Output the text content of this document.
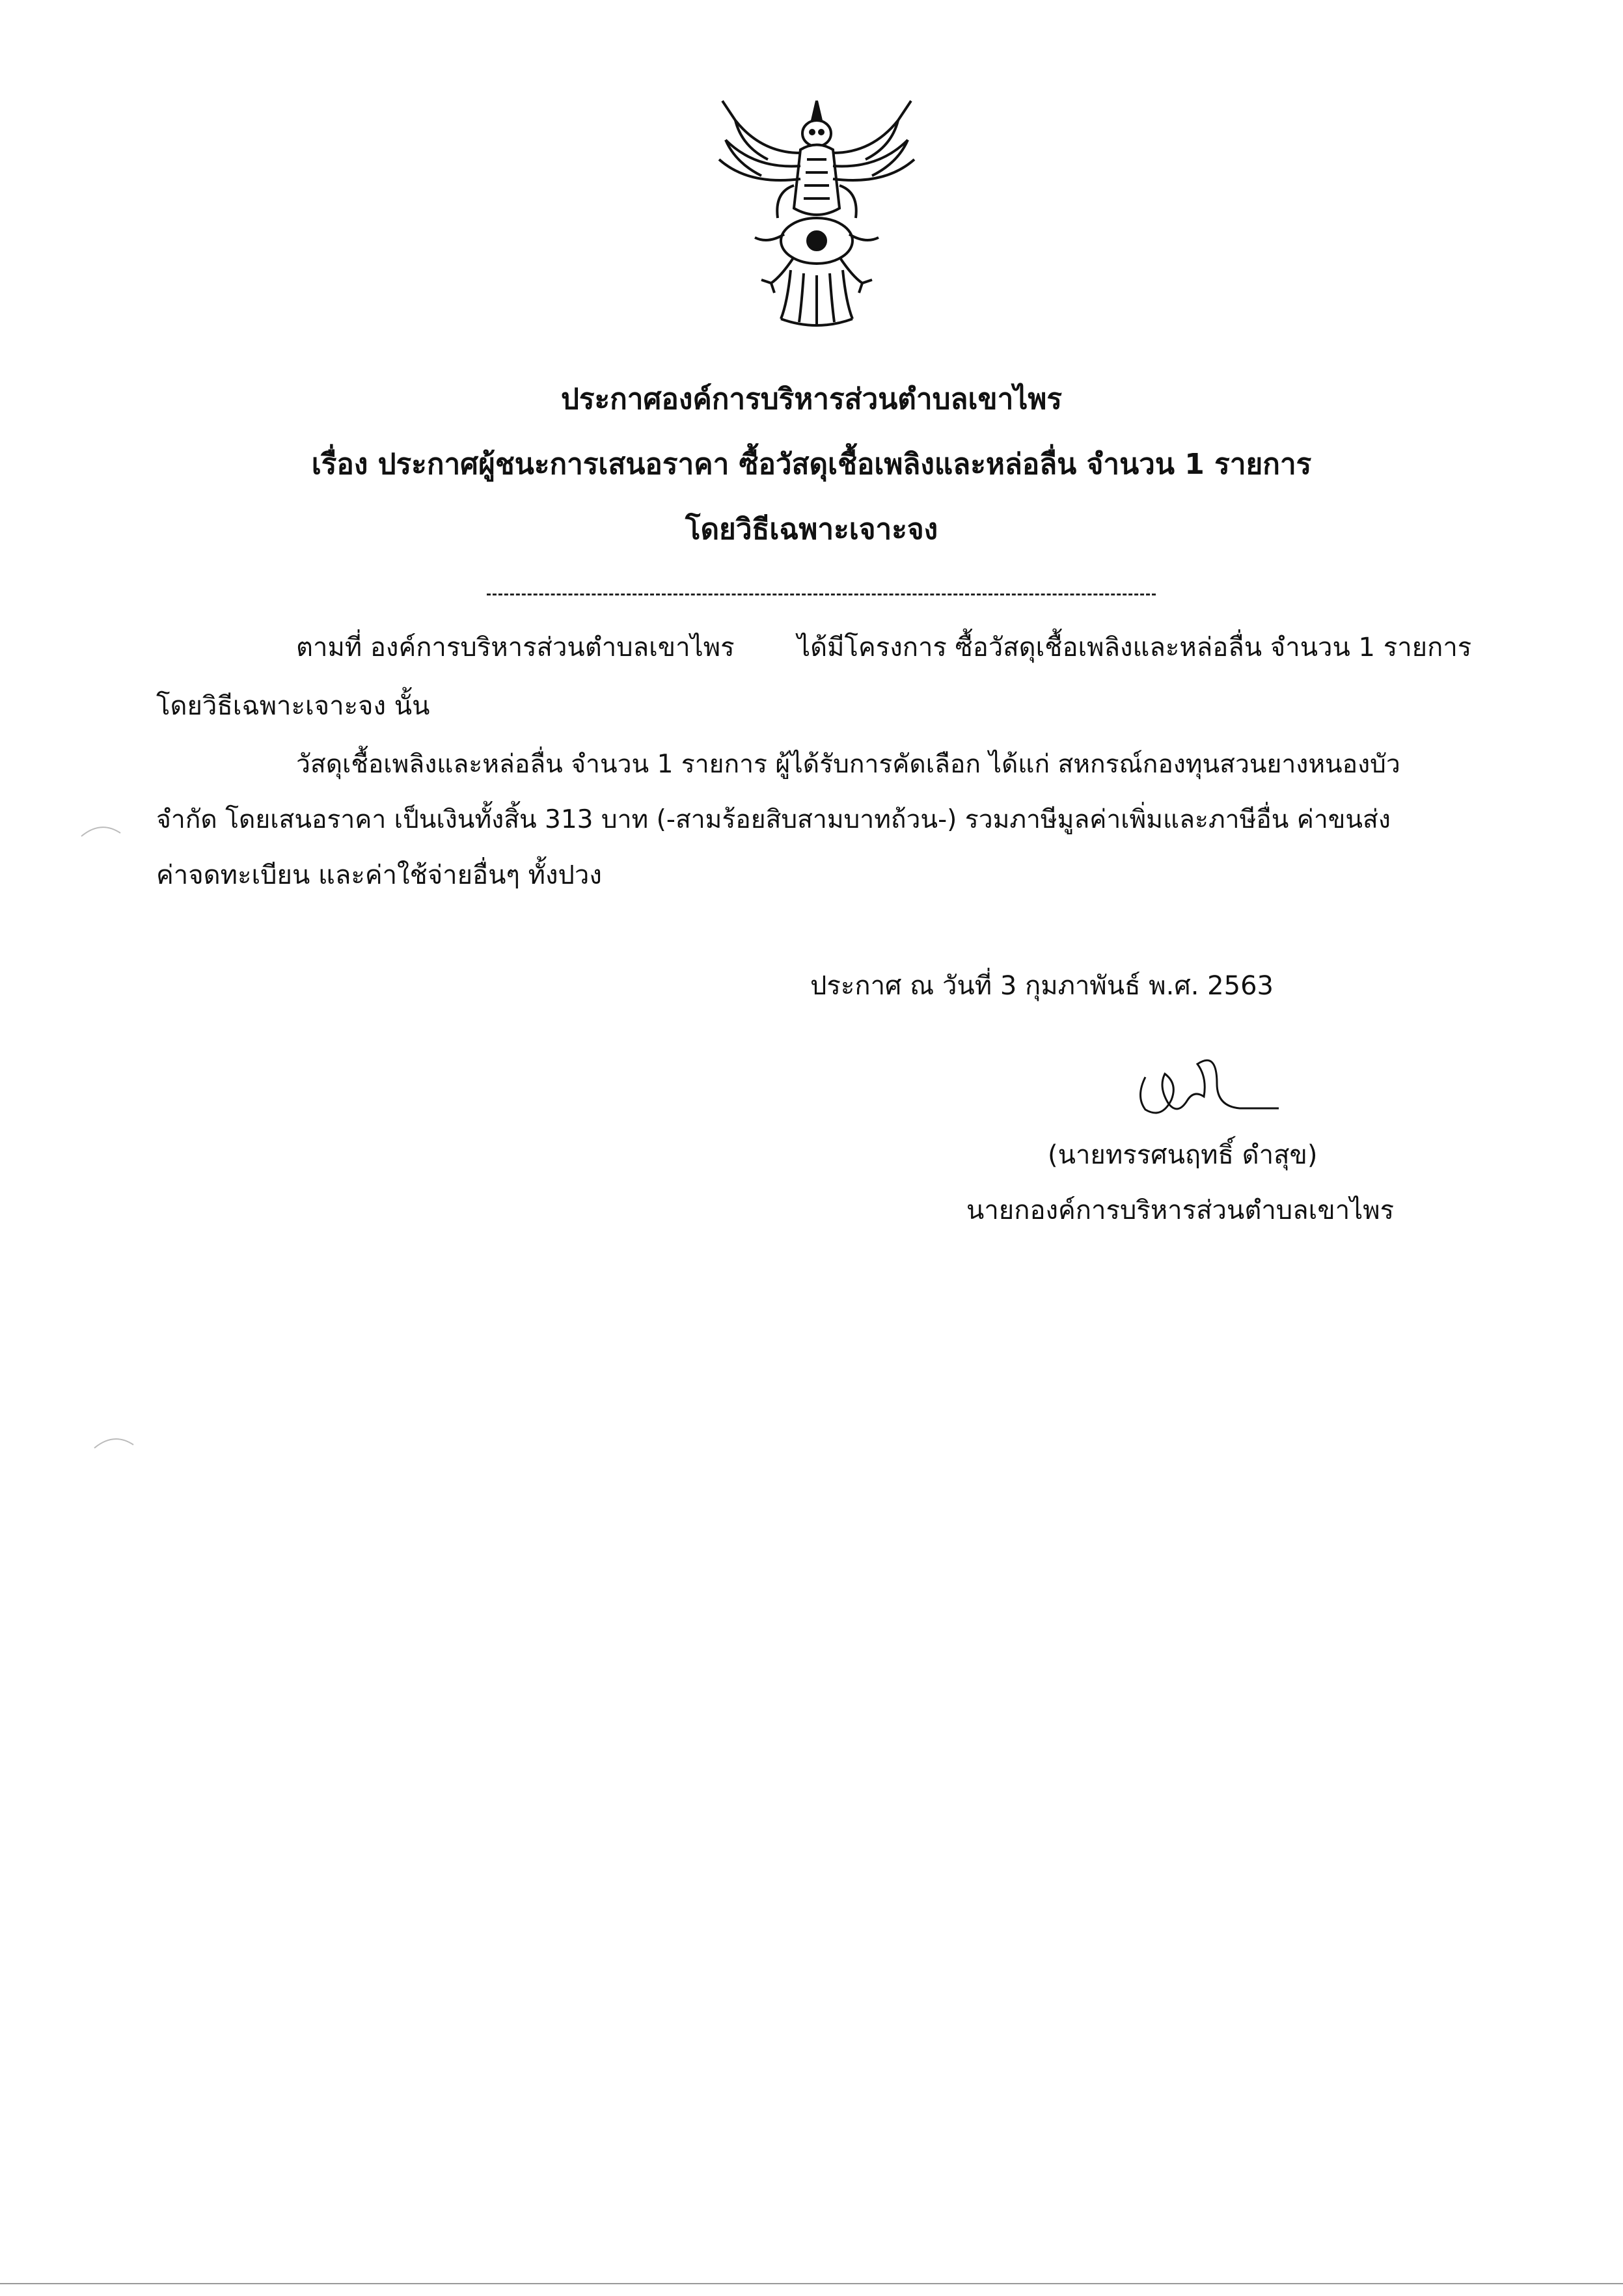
ประกาศองค์การบริหารส่วนตำบลเขาไพร
เรื่อง ประกาศผู้ชนะการเสนอราคา ซื้อวัสดุเชื้อเพลิงและหล่อลื่น จำนวน 1 รายการ
โดยวิธีเฉพาะเจาะจง
ตามที่ องค์การบริหารส่วนตำบลเขาไพร ได้มีโครงการ ซื้อวัสดุเชื้อเพลิงและหล่อลื่น จำนวน 1 รายการ
โดยวิธีเฉพาะเจาะจง นั้น
วัสดุเชื้อเพลิงและหล่อลื่น จำนวน 1 รายการ ผู้ได้รับการคัดเลือก ได้แก่ สหกรณ์กองทุนสวนยางหนองบัว
จำกัด โดยเสนอราคา เป็นเงินทั้งสิ้น 313 บาท (-สามร้อยสิบสามบาทถ้วน-) รวมภาษีมูลค่าเพิ่มและภาษีอื่น ค่าขนส่ง
ค่าจดทะเบียน และค่าใช้จ่ายอื่นๆ ทั้งปวง
ประกาศ ณ วันที่ 3 กุมภาพันธ์ พ.ศ. 2563
(นายทรรศนฤทธิ์ ดำสุข)
นายกองค์การบริหารส่วนตำบลเขาไพร
